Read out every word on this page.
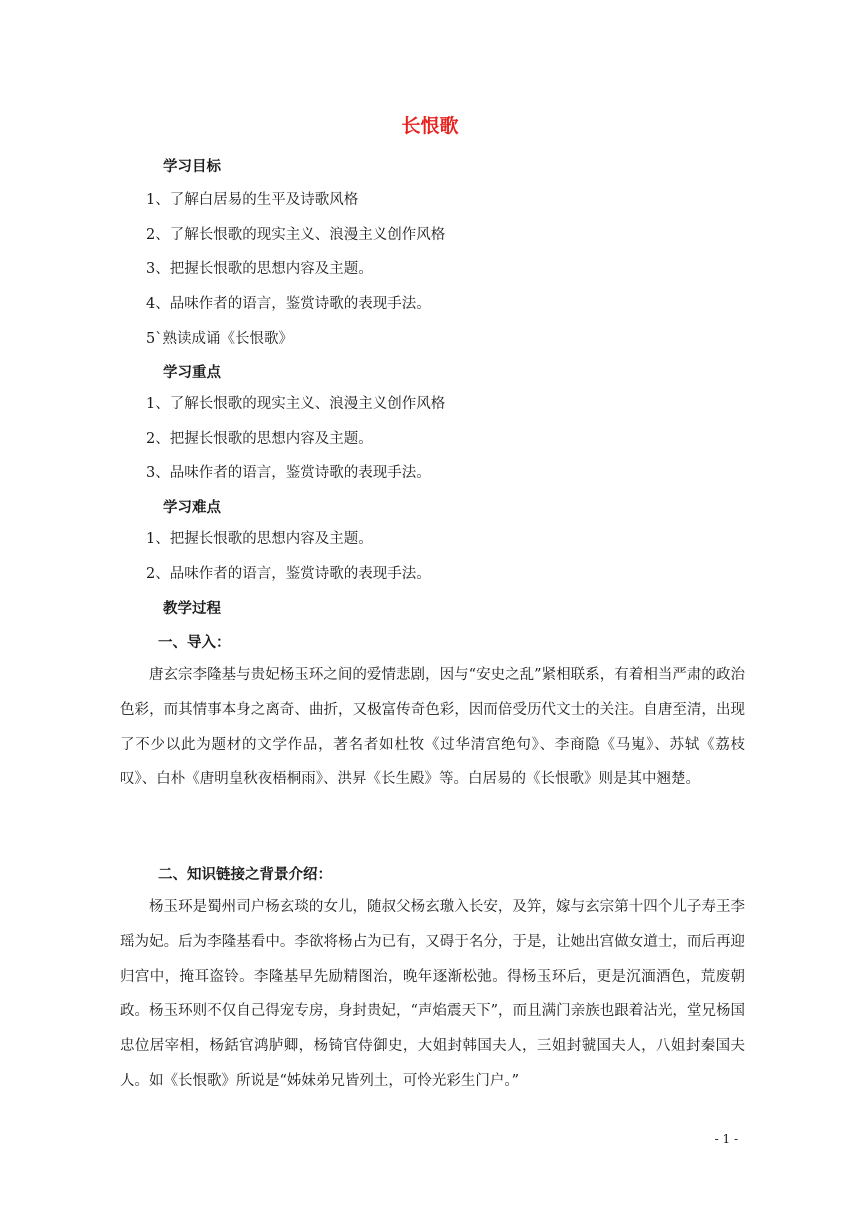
长恨歌
学习目标
1、了解白居易的生平及诗歌风格
2、了解长恨歌的现实主义、浪漫主义创作风格
3、把握长恨歌的思想内容及主题。
4、品味作者的语言，鉴赏诗歌的表现手法。
5`熟读成诵《长恨歌》
学习重点
1、了解长恨歌的现实主义、浪漫主义创作风格
2、把握长恨歌的思想内容及主题。
3、品味作者的语言，鉴赏诗歌的表现手法。
学习难点
1、把握长恨歌的思想内容及主题。
2、品味作者的语言，鉴赏诗歌的表现手法。
教学过程
一、导入：
唐玄宗李隆基与贵妃杨玉环之间的爱情悲剧，因与“安史之乱”紧相联系，有着相当严肃的政治色彩，而其情事本身之离奇、曲折，又极富传奇色彩，因而倍受历代文士的关注。自唐至清，出现了不少以此为题材的文学作品，著名者如杜牧《过华清宫绝句》、李商隐《马嵬》、苏轼《荔枝叹》、白朴《唐明皇秋夜梧桐雨》、洪昇《长生殿》等。白居易的《长恨歌》则是其中翘楚。
二、知识链接之背景介绍：
杨玉环是蜀州司户杨玄琰的女儿，随叔父杨玄璬入长安，及笄，嫁与玄宗第十四个儿子寿王李瑶为妃。后为李隆基看中。李欲将杨占为已有，又碍于名分，于是，让她出宫做女道士，而后再迎归宫中，掩耳盗铃。李隆基早先励精图治，晚年逐渐松弛。得杨玉环后，更是沉湎酒色，荒废朝政。杨玉环则不仅自己得宠专房，身封贵妃，“声焰震天下”，而且满门亲族也跟着沾光，堂兄杨国忠位居宰相，杨銛官鸿胪卿，杨锜官侍御史，大姐封韩国夫人，三姐封虢国夫人，八姐封秦国夫人。如《长恨歌》所说是“姊妹弟兄皆列土，可怜光彩生门户。”
- 1 -
